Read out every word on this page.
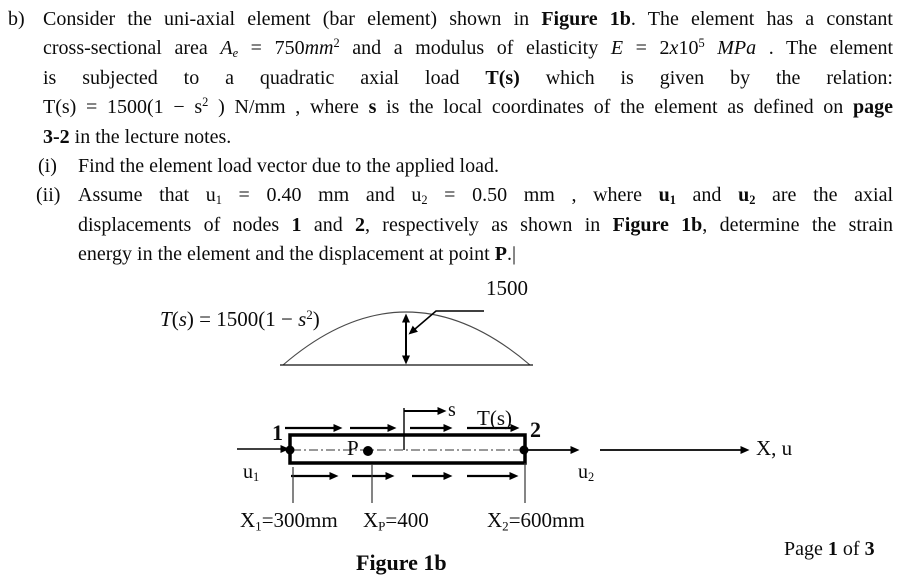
b) Consider the uni-axial element (bar element) shown in Figure 1b. The element has a constant
cross-sectional area $A_e = 750mm^2$ and a modulus of elasticity $E = 2x10^5$ MPa . The element
is subjected to a quadratic axial load T(s) which is given by the relation:
$T(s) = 1500(1 - s^2$ ) N/mm , where s is the local coordinates of the element as defined on page
3-2 in the lecture notes.
(i) Find the element load vector due to the applied load.
(ii) Assume that $u_1 = 0.40$ mm and $u_2 = 0.50$ mm , where $u_1$ and $u_2$ are the axial
displacements of nodes 1 and 2, respectively as shown in Figure 1b, determine the strain
energy in the element and the displacement at point P.|
1500
$T(s) = 1500(1 - s^2)$
1	2
P
s T(s)
$u_1$	$u_2$
X, u
$X_1=300mm$ $X_P=400$	$X_2=600mm$
Figure 1b
Page 1 of 3
